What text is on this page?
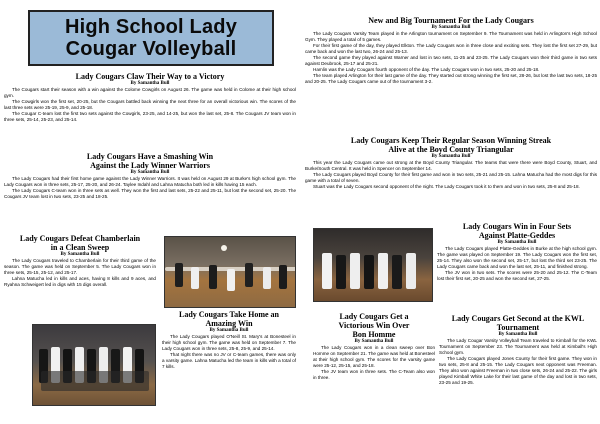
High School Lady
Cougar Volleyball
Lady Cougars Claw Their Way to a Victory
By Samantha Bull

The Cougars start their season with a win against the Colome Cowgirls on August 26. The game was held in Colome at their high school gym.

The Cowgirls won the first set, 20-25, but the Cougars battled back winning the next three for an overall victorious win. The scores of the last three sets were 25-19, 25-9, and 25-18.

The Cougar C-team lost the first two sets against the Cowgirls, 23-25, and 14-25, but won the last set, 25-8. The Cougars JV team won in three sets, 25-14, 25-23, and 25-14.

Lady Cougars Have a Smashing Win
Against the Lady Winner Warriors
By Samantha Bull

The Lady Cougars had their first home game against the Lady Winner Warriors. It was held on August 29 at Burke's high school gym. The Lady Cougars won in three sets, 25-17, 25-20, and 26-24. Taylee Indahl and Lahna Matucha both led in kills having 15 each.

The Lady Cougars C-team won in three sets as well. They won the first and last sets, 25-22 and 25-11, but lost the second set, 25-20. The Cougars JV team lost in two sets, 23-25 and 18-25.

Lady Cougars Defeat Chamberlain
in a Clean Sweep
By Samantha Bull

The Lady Cougars traveled to Chamberlain for their third game of the season. The game was held on September 5. The Lady Cougars won in three sets, 25-15, 25-12, and 25-17.

Lahna Matucha led in kills and aces, having 8 kills and 9 aces, and Ryahna Schweigert led in digs with 15 digs overall.

Lady Cougars Take Home an
Amazing Win
By Samantha Bull

The Lady Cougars played O'Neill St. Mary's at Bonesteel in their high school gym. The game was held on September 7. The Lady Cougars won in three sets, 25-8, 25-9, and 25-14.

That night there was no JV or C-team games, there was only a varsity game. Lahna Matucha led the team in kills with a total of 7 kills.

New and Big Tournament For the Lady Cougars
By Samantha Bull

The Lady Cougars Varsity Team played in the Arlington tournament on September 9. The Tournament was held in Arlington's High School Gym. They played a total of 5 games.

For their first game of the day, they played Elkton. The Lady Cougars won in three close and exciting sets. They lost the first set 27-29, but came back and won the last two, 26-24 and 25-13.

The second game they played against Warner and lost in two sets, 11-25 and 23-25. The Lady Cougars won their third game in two sets against Deubrook, 25-17 and 25-21.

Hamlin was the Lady Cougars fourth opponent of the day. The Lady Cougars won in two sets, 25-20 and 25-18.

The team played Arlington for their last game of the day. They started out strong winning the first set, 28-26, but lost the last two sets, 18-25 and 20-25. The Lady Cougars came out of the tournament 3-2.

Lady Cougars Keep Their Regular Season Winning Streak
Alive at the Boyd County Triangular
By Samantha Bull

This year the Lady Cougars came out strong at the Boyd County Triangular. The teams that were there were Boyd County, Stuart, and Burke/South Central. It was held in Spencer on September 14.

The Lady Cougars played Boyd County for their first game and won in two sets, 25-21 and 25-15. Lahna Matucha had the most digs for this game with a total of seven.

Stuart was the Lady Cougars second opponent of the night. The Lady Cougars took it to them and won in two sets, 25-8 and 25-18.

Lady Cougars Win in Four Sets
Against Platte-Geddes
By Samantha Bull

The Lady Cougars played Platte-Geddes in Burke at the high school gym. The game was played on September 19. The Lady Cougars won the first set, 25-14. They also won the second set, 25-17, but lost the third set 23-25. The Lady Cougars came back and won the last set, 25-11, and finished strong.

The JV won in two sets. The scores were 25-20 and 25-12. The C-Team lost their first set, 20-25 and won the second set, 27-25.

Lady Cougars Get a
Victorious Win Over
Bon Homme
By Samantha Bull

The Lady Cougars won in a clean sweep over Bon Homme on September 21. The game was held at Bonesteel at their high school gym. The scores for the varsity game were 25-12, 25-15, and 25-18.

The JV team won in three sets. The C-Team also won in three.

Lady Cougars Get Second at the KWL
Tournament
By Samantha Bull

The Lady Cougar Varsity Volleyball Team traveled to Kimball for the KWL Tournament on September 23. The Tournament was held at Kimball's High School gym.

The Lady Cougars played Jones County for their first game. They won in two sets, 25-8 and 25-15. The Lady Cougars next opponent was Freeman. They also won against Freeman in two close sets, 26-24 and 25-22. The girls played Kimball White Lake for their last game of the day and lost in two sets, 23-25 and 19-25.
